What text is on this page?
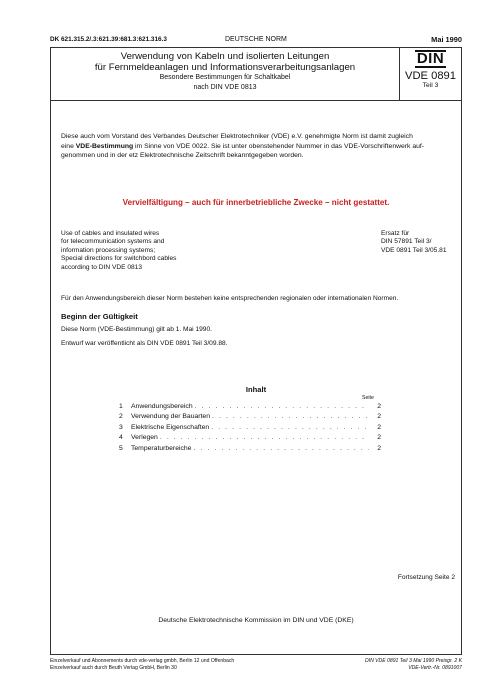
DK 621.315.2/.3:621.39:681.3:621.316.3	DEUTSCHE NORM	Mai 1990
Verwendung von Kabeln und isolierten Leitungen
für Fernmeldeanlagen und Informationsverarbeitungsanlagen
Besondere Bestimmungen für Schaltkabel
nach DIN VDE 0813
DIN
VDE 0891
Teil 3
Diese auch vom Vorstand des Verbandes Deutscher Elektrotechniker (VDE) e.V. genehmigte Norm ist damit zugleich
eine VDE-Bestimmung im Sinne von VDE 0022. Sie ist unter obenstehender Nummer in das VDE-Vorschriftenwerk auf-
genommen und in der etz Elektrotechnische Zeitschrift bekanntgegeben worden.
Vervielfältigung – auch für innerbetriebliche Zwecke – nicht gestattet.
Use of cables and insulated wires
for telecommunication systems and
information processing systems;
Special directions for switchbord cables
according to DIN VDE 0813
Ersatz für
DIN 57891 Teil 3/
VDE 0891 Teil 3/05.81
Für den Anwendungsbereich dieser Norm bestehen keine entsprechenden regionalen oder internationalen Normen.
Beginn der Gültigkeit
Diese Norm (VDE-Bestimmung) gilt ab 1. Mai 1990.
Entwurf war veröffentlicht als DIN VDE 0891 Teil 3/09.88.
Inhalt
Seite
1	Anwendungsbereich . . .	2
2	Verwendung der Bauarten . . .	2
3	Elektrische Eigenschaften . . .	2
4	Verlegen . . .	2
5	Temperaturbereiche . . .	2
Fortsetzung Seite 2
Deutsche Elektrotechnische Kommission im DIN und VDE (DKE)
Einzelverkauf und Abonnements durch vde-verlag gmbh, Berlin 12 und Offenbach
Einzelverkauf auch durch Beuth Verlag GmbH, Berlin 30
DIN VDE 0891 Teil 3 Mai 1990 Preisgr. 2 K
VDE-Vertr.-Nr. 0891007
